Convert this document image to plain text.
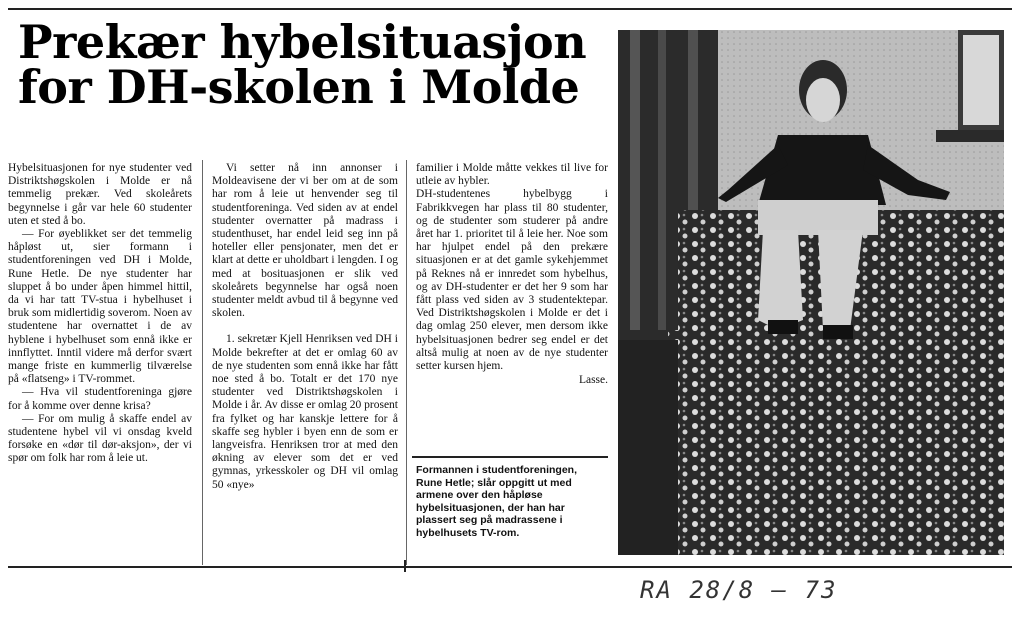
Prekær hybelsituasjon
for DH-skolen i Molde

Hybelsituasjonen for nye studenter ved Distriktshøgskolen i Molde er nå temmelig prekær. Ved skoleårets begynnelse i går var hele 60 studenter uten et sted å bo.

— For øyeblikket ser det temmelig håpløst ut, sier formann i studentforeningen ved DH i Molde, Rune Hetle. De nye studenter har sluppet å bo under åpen himmel hittil, da vi har tatt TV-stua i hybelhuset i bruk som midlertidig soverom. Noen av studentene har overnattet i de av hyblene i hybelhuset som ennå ikke er innflyttet. Inntil videre må derfor svært mange friste en kummerlig tilværelse på «flatseng» i TV-rommet.

— Hva vil studentforeninga gjøre for å komme over denne krisa?

— For om mulig å skaffe endel av studentene hybel vil vi onsdag kveld forsøke en «dør til dør-aksjon», der vi spør om folk har rom å leie ut.

Vi setter nå inn annonser i Moldeavisene der vi ber om at de som har rom å leie ut henvender seg til studentforeninga. Ved siden av at endel studenter overnatter på madrass i studenthuset, har endel leid seg inn på hoteller eller pensjonater, men det er klart at dette er uholdbart i lengden. I og med at bosituasjonen er slik ved skoleårets begynnelse har også noen studenter meldt avbud til å begynne ved skolen.

1. sekretær Kjell Henriksen ved DH i Molde bekrefter at det er omlag 60 av de nye studenten som ennå ikke har fått noe sted å bo. Totalt er det 170 nye studenter ved Distriktshøgskolen i Molde i år. Av disse er omlag 20 prosent fra fylket og har kanskje lettere for å skaffe seg hybler i byen enn de som er langveisfra. Henriksen tror at med den økning av elever som det er ved gymnas, yrkesskoler og DH vil omlag 50 «nye»

familier i Molde måtte vekkes til live for utleie av hybler.

DH-studentenes hybelbygg i Fabrikkvegen har plass til 80 studenter, og de studenter som studerer på andre året har 1. prioritet til å leie her. Noe som har hjulpet endel på den prekære situasjonen er at det gamle sykehjemmet på Reknes nå er innredet som hybelhus, og av DH-studenter er det her 9 som har fått plass ved siden av 3 studentektepar. Ved Distriktshøgskolen i Molde er det i dag omlag 250 elever, men dersom ikke hybelsituasjonen bedrer seg endel er det altså mulig at noen av de nye studenter setter kursen hjem.

Lasse.

Formannen i studentforeningen, Rune Hetle; slår oppgitt ut med armene over den håpløse hybelsituasjonen, der han har plassert seg på madrassene i hybelhusets TV-rom.

RA 28/8 – 73
